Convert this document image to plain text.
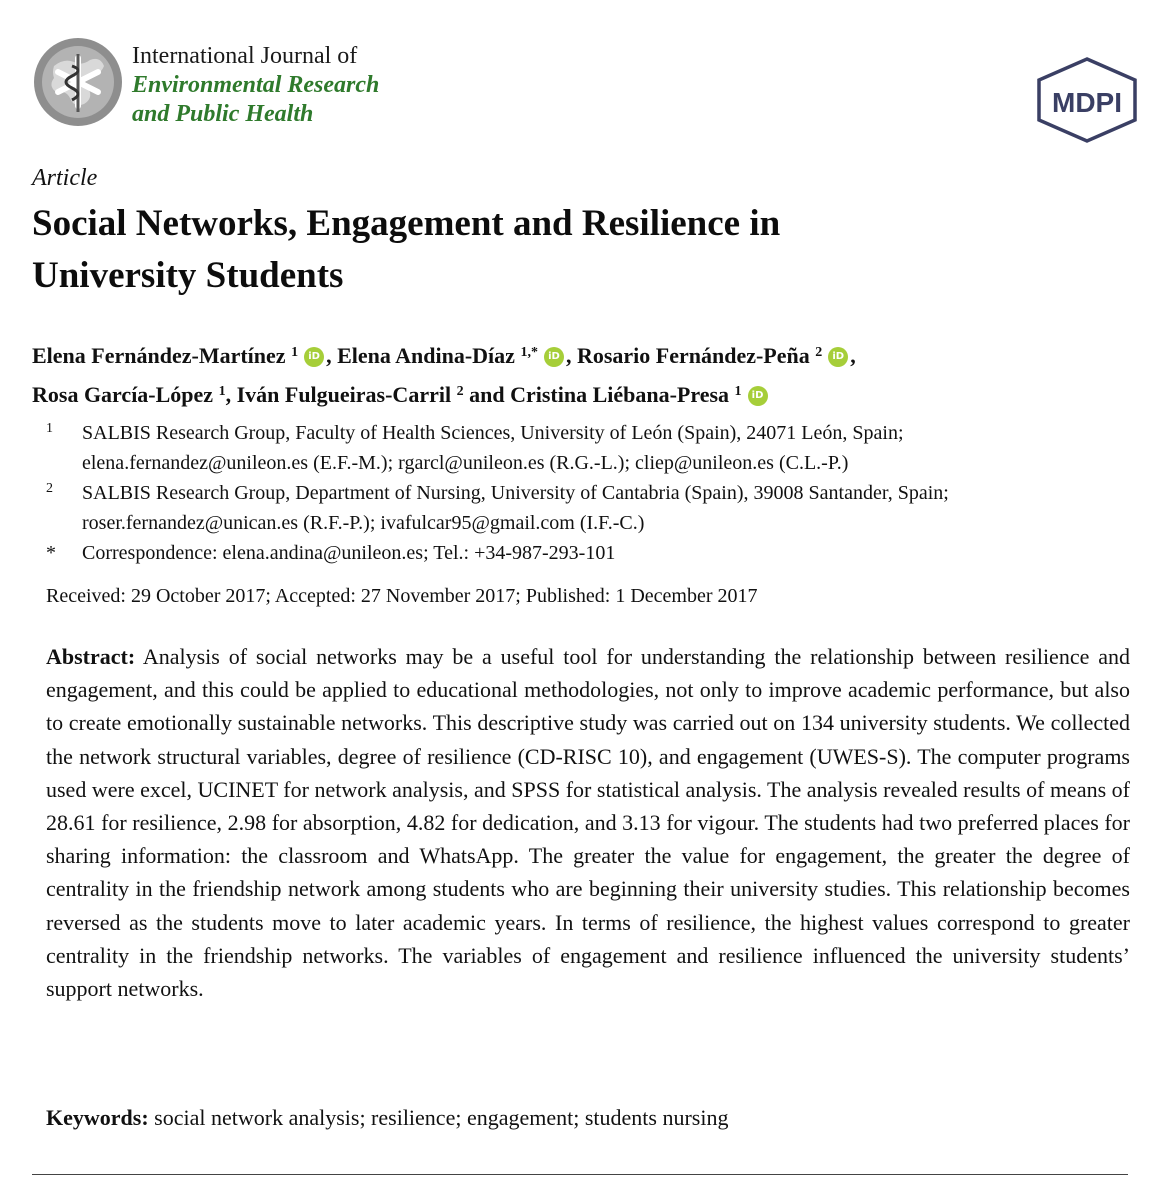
International Journal of
Environmental Research
and Public Health	MDPI
Article
Social Networks, Engagement and Resilience in
University Students
Elena Fernández-Martínez $^1$ iD , Elena Andina-Díaz $^{1,*}$ iD , Rosario Fernández-Peña $^2$ iD ,
Rosa García-López $^1$, Iván Fulgueiras-Carril $^2$ and Cristina Liébana-Presa $^1$ iD
1	SALBIS Research Group, Faculty of Health Sciences, University of León (Spain), 24071 León, Spain;
elena.fernandez@unileon.es (E.F.-M.); rgarcl@unileon.es (R.G.-L.); cliep@unileon.es (C.L.-P.)
2	SALBIS Research Group, Department of Nursing, University of Cantabria (Spain), 39008 Santander, Spain;
roser.fernandez@unican.es (R.F.-P.); ivafulcar95@gmail.com (I.F.-C.)
*	Correspondence: elena.andina@unileon.es; Tel.: +34-987-293-101
Received: 29 October 2017; Accepted: 27 November 2017; Published: 1 December 2017

Abstract: Analysis of social networks may be a useful tool for understanding the relationship between resilience and engagement, and this could be applied to educational methodologies, not only to improve academic performance, but also to create emotionally sustainable networks. This descriptive study was carried out on 134 university students. We collected the network structural variables, degree of resilience (CD-RISC 10), and engagement (UWES-S). The computer programs used were excel, UCINET for network analysis, and SPSS for statistical analysis. The analysis revealed results of means of 28.61 for resilience, 2.98 for absorption, 4.82 for dedication, and 3.13 for vigour. The students had two preferred places for sharing information: the classroom and WhatsApp. The greater the value for engagement, the greater the degree of centrality in the friendship network among students who are beginning their university studies. This relationship becomes reversed as the students move to later academic years. In terms of resilience, the highest values correspond to greater centrality in the friendship networks. The variables of engagement and resilience influenced the university students’ support networks.

Keywords: social network analysis; resilience; engagement; students nursing
